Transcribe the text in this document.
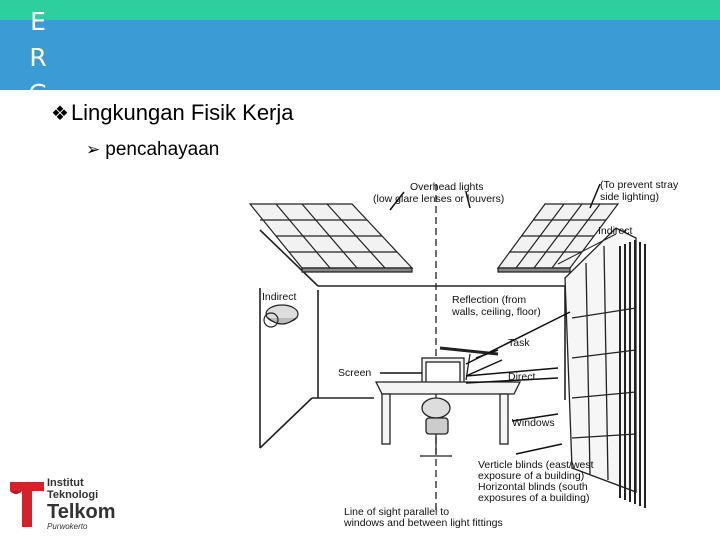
E
R
G
❖Lingkungan Fisik Kerja
➢ pencahayaan
Overhead lights
(low glare lenses or louvers)
(To prevent stray
side lighting)
Indirect
Indirect	Reflection (from
walls, ceiling, floor)
Task
Screen	Direct
Windows
Verticle blinds (east/west
exposure of a building)
Horizontal blinds (south
exposures of a building)
Line of sight parallel to
windows and between light fittings
Institut
Teknologi
Telkom
Purwokerto
